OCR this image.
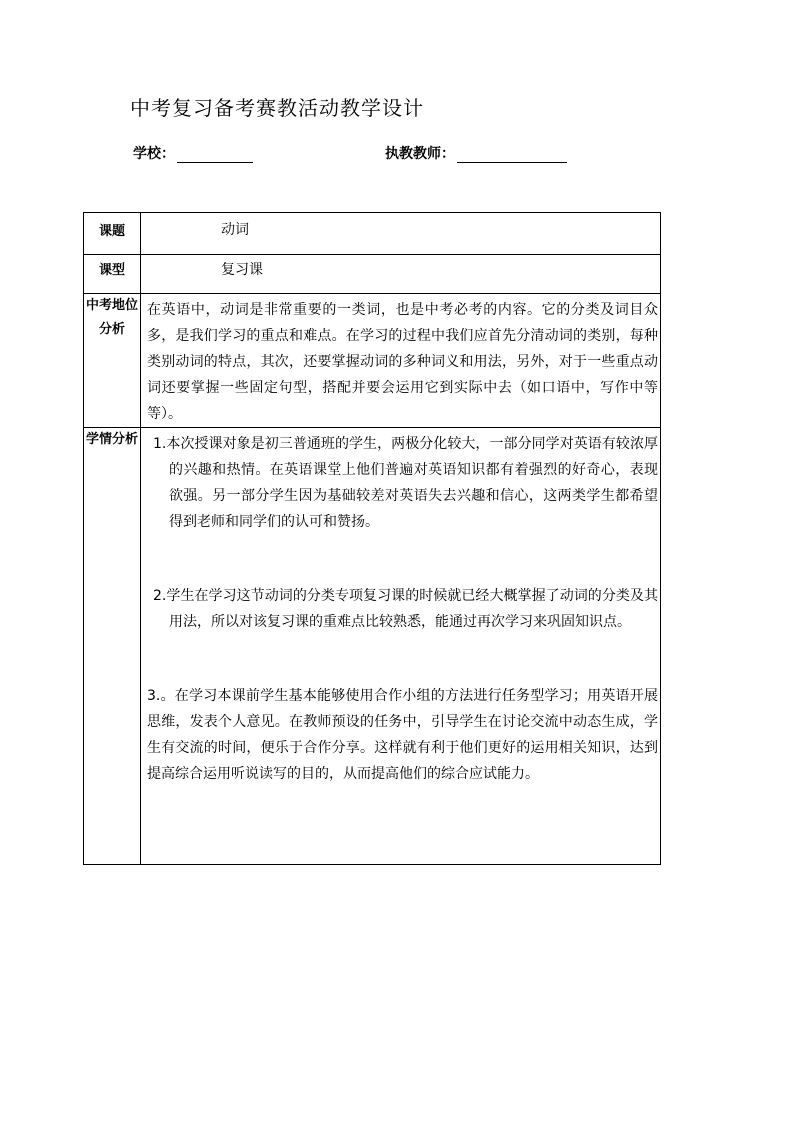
中考复习备考赛教活动教学设计
学校：	执教教师：
课题	动词

课型	复习课

中考地位分析	在英语中，动词是非常重要的一类词，也是中考必考的内容。它的分类及词目众多，是我们学习的重点和难点。在学习的过程中我们应首先分清动词的类别，每种类别动词的特点，其次，还要掌握动词的多种词义和用法，另外，对于一些重点动词还要掌握一些固定句型，搭配并要会运用它到实际中去（如口语中，写作中等等）。

学情分析	1.本次授课对象是初三普通班的学生，两极分化较大，一部分同学对英语有较浓厚的兴趣和热情。在英语课堂上他们普遍对英语知识都有着强烈的好奇心，表现欲强。另一部分学生因为基础较差对英语失去兴趣和信心，这两类学生都希望得到老师和同学们的认可和赞扬。
2.学生在学习这节动词的分类专项复习课的时候就已经大概掌握了动词的分类及其用法，所以对该复习课的重难点比较熟悉，能通过再次学习来巩固知识点。
3.。在学习本课前学生基本能够使用合作小组的方法进行任务型学习；用英语开展思维，发表个人意见。在教师预设的任务中，引导学生在讨论交流中动态生成，学生有交流的时间，便乐于合作分享。这样就有利于他们更好的运用相关知识，达到提高综合运用听说读写的目的，从而提高他们的综合应试能力。
